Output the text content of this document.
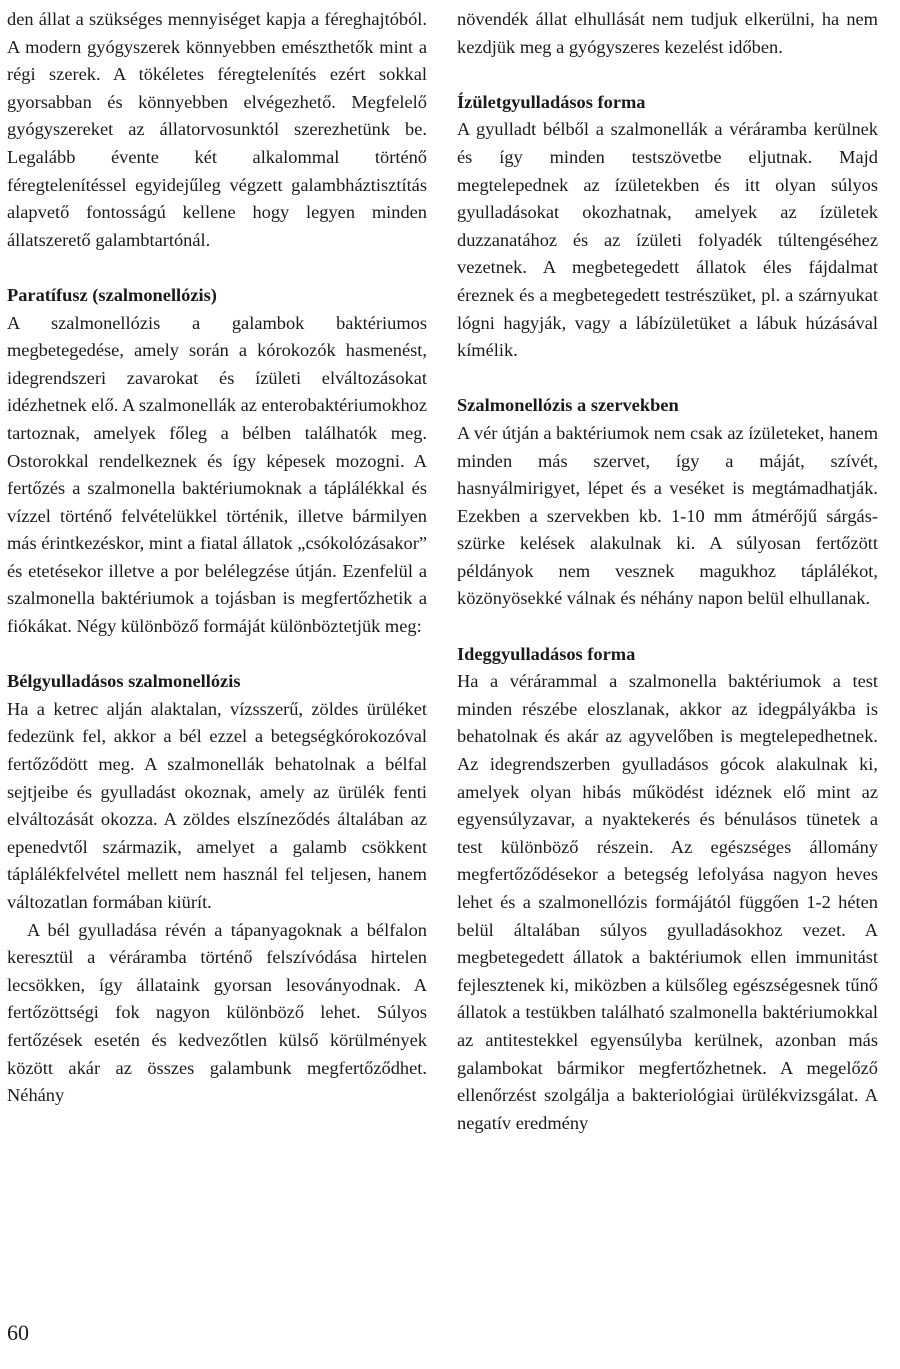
den állat a szükséges mennyiséget kapja a féreghajtóból. A modern gyógyszerek könnyebben emészthetők mint a régi szerek. A tökéletes féregtelenítés ezért sokkal gyorsabban és könnyebben elvégezhető. Megfelelő gyógyszereket az állatorvosunktól szerezhetünk be. Legalább évente két alkalommal történő féregtelenítéssel egyidejűleg végzett galambháztisztítás alapvető fontosságú kellene hogy legyen minden állatszerető galambtartónál.

Paratífusz (szalmonellózis)

A szalmonellózis a galambok baktériumos megbetegedése, amely során a kórokozók hasmenést, idegrendszeri zavarokat és ízületi elváltozásokat idézhetnek elő. A szalmonellák az enterobaktériumokhoz tartoznak, amelyek főleg a bélben találhatók meg. Ostorokkal rendelkeznek és így képesek mozogni. A fertőzés a szalmonella baktériumoknak a táplálékkal és vízzel történő felvételükkel történik, illetve bármilyen más érintkezéskor, mint a fiatal állatok „csókolózásakor” és etetésekor illetve a por belélegzése útján. Ezenfelül a szalmonella baktériumok a tojásban is megfertőzhetik a fiókákat. Négy különböző formáját különböztetjük meg:

Bélgyulladásos szalmonellózis

Ha a ketrec alján alaktalan, vízsszerű, zöldes ürüléket fedezünk fel, akkor a bél ezzel a betegségkórokozóval fertőződött meg. A szalmonellák behatolnak a bélfal sejtjeibe és gyulladást okoznak, amely az ürülék fenti elváltozását okozza. A zöldes elszíneződés általában az epenedvtől származik, amelyet a galamb csökkent táplálékfelvétel mellett nem használ fel teljesen, hanem változatlan formában kiürít.

A bél gyulladása révén a tápanyagoknak a bélfalon keresztül a véráramba történő felszívódása hirtelen lecsökken, így állataink gyorsan lesoványodnak. A fertőzöttségi fok nagyon különböző lehet. Súlyos fertőzések esetén és kedvezőtlen külső körülmények között akár az összes galambunk megfertőződhet. Néhány

növendék állat elhullását nem tudjuk elkerülni, ha nem kezdjük meg a gyógyszeres kezelést időben.

Ízületgyulladásos forma

A gyulladt bélből a szalmonellák a véráramba kerülnek és így minden testszövetbe eljutnak. Majd megtelepednek az ízületekben és itt olyan súlyos gyulladásokat okozhatnak, amelyek az ízületek duzzanatához és az ízületi folyadék túltengéséhez vezetnek. A megbetegedett állatok éles fájdalmat éreznek és a megbetegedett testrészüket, pl. a szárnyukat lógni hagyják, vagy a lábízületüket a lábuk húzásával kímélik.

Szalmonellózis a szervekben

A vér útján a baktériumok nem csak az ízületeket, hanem minden más szervet, így a máját, szívét, hasnyálmirigyet, lépet és a veséket is megtámadhatják. Ezekben a szervekben kb. 1-10 mm átmérőjű sárgás-szürke kelések alakulnak ki. A súlyosan fertőzött példányok nem vesznek magukhoz táplálékot, közönyösekké válnak és néhány napon belül elhullanak.

Ideggyulladásos forma

Ha a vérárammal a szalmonella baktériumok a test minden részébe eloszlanak, akkor az idegpályákba is behatolnak és akár az agyvelőben is megtelepedhetnek. Az idegrendszerben gyulladásos gócok alakulnak ki, amelyek olyan hibás működést idéznek elő mint az egyensúlyzavar, a nyaktekerés és bénulásos tünetek a test különböző részein. Az egészséges állomány megfertőződésekor a betegség lefolyása nagyon heves lehet és a szalmonellózis formájától függően 1-2 héten belül általában súlyos gyulladásokhoz vezet. A megbetegedett állatok a baktériumok ellen immunitást fejlesztenek ki, miközben a külsőleg egészségesnek tűnő állatok a testükben található szalmonella baktériumokkal az antitestekkel egyensúlyba kerülnek, azonban más galambokat bármikor megfertőzhetnek. A megelőző ellenőrzést szolgálja a bakteriológiai ürülékvizsgálat. A negatív eredmény

60
